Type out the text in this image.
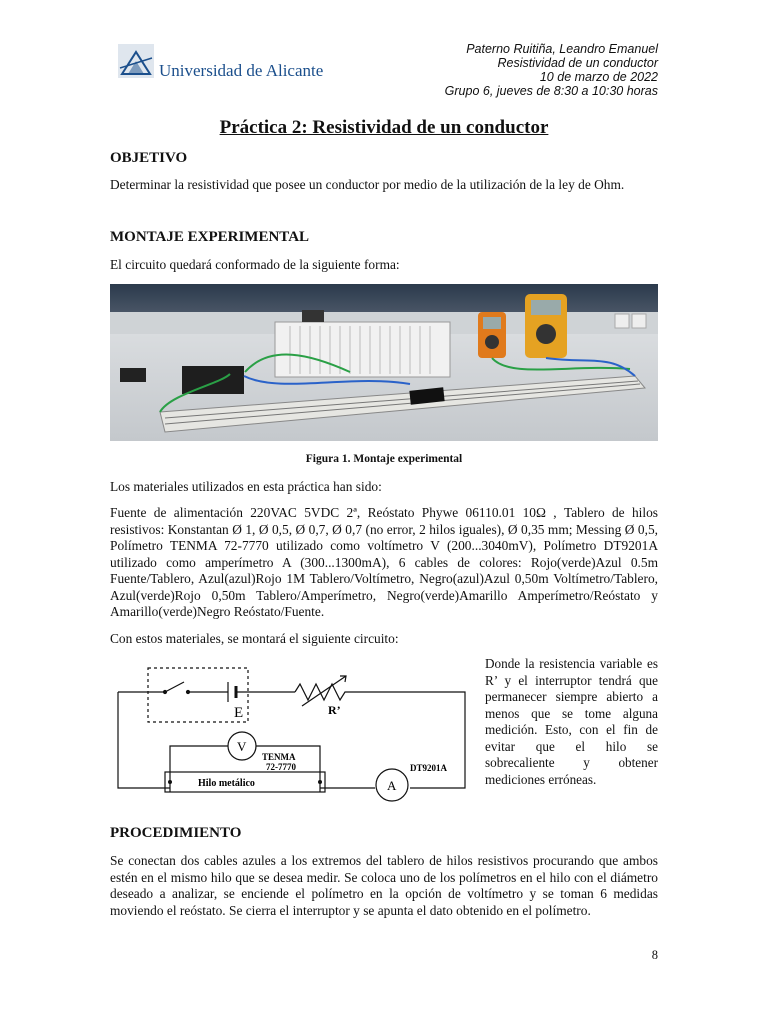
Universidad de Alicante
Paterno Ruitiña, Leandro Emanuel
Resistividad de un conductor
10 de marzo de 2022
Grupo 6, jueves de 8:30 a 10:30 horas
Práctica 2: Resistividad de un conductor
OBJETIVO
Determinar la resistividad que posee un conductor por medio de la utilización de la ley de Ohm.
MONTAJE EXPERIMENTAL
El circuito quedará conformado de la siguiente forma:
Figura 1. Montaje experimental
Los materiales utilizados en esta práctica han sido:
Fuente de alimentación 220VAC 5VDC 2ª, Reóstato Phywe 06110.01 10Ω , Tablero de hilos resistivos: Konstantan Ø 1, Ø 0,5, Ø 0,7, Ø 0,7 (no error, 2 hilos iguales), Ø 0,35 mm; Messing Ø 0,5, Polímetro TENMA 72-7770 utilizado como voltímetro V (200...3040mV), Polímetro DT9201A utilizado como amperímetro A (300...1300mA), 6 cables de colores: Rojo(verde)Azul 0.5m Fuente/Tablero, Azul(azul)Rojo 1M Tablero/Voltímetro, Negro(azul)Azul 0,50m Voltímetro/Tablero, Azul(verde)Rojo 0,50m Tablero/Amperímetro, Negro(verde)Amarillo Amperímetro/Reóstato y Amarillo(verde)Negro Reóstato/Fuente.
Con estos materiales, se montará el siguiente circuito:
E	R’
V
TENMA
72-7770
Hilo metálico	A
DT9201A
Donde la resistencia variable es R’ y el interruptor tendrá que permanecer siempre abierto a menos que se tome alguna medición. Esto, con el fin de evitar que el hilo se sobrecaliente y obtener mediciones erróneas.
PROCEDIMIENTO
Se conectan dos cables azules a los extremos del tablero de hilos resistivos procurando que ambos estén en el mismo hilo que se desea medir. Se coloca uno de los polímetros en el hilo con el diámetro deseado a analizar, se enciende el polímetro en la opción de voltímetro y se toman 6 medidas moviendo el reóstato. Se cierra el interruptor y se apunta el dato obtenido en el polímetro.
8
